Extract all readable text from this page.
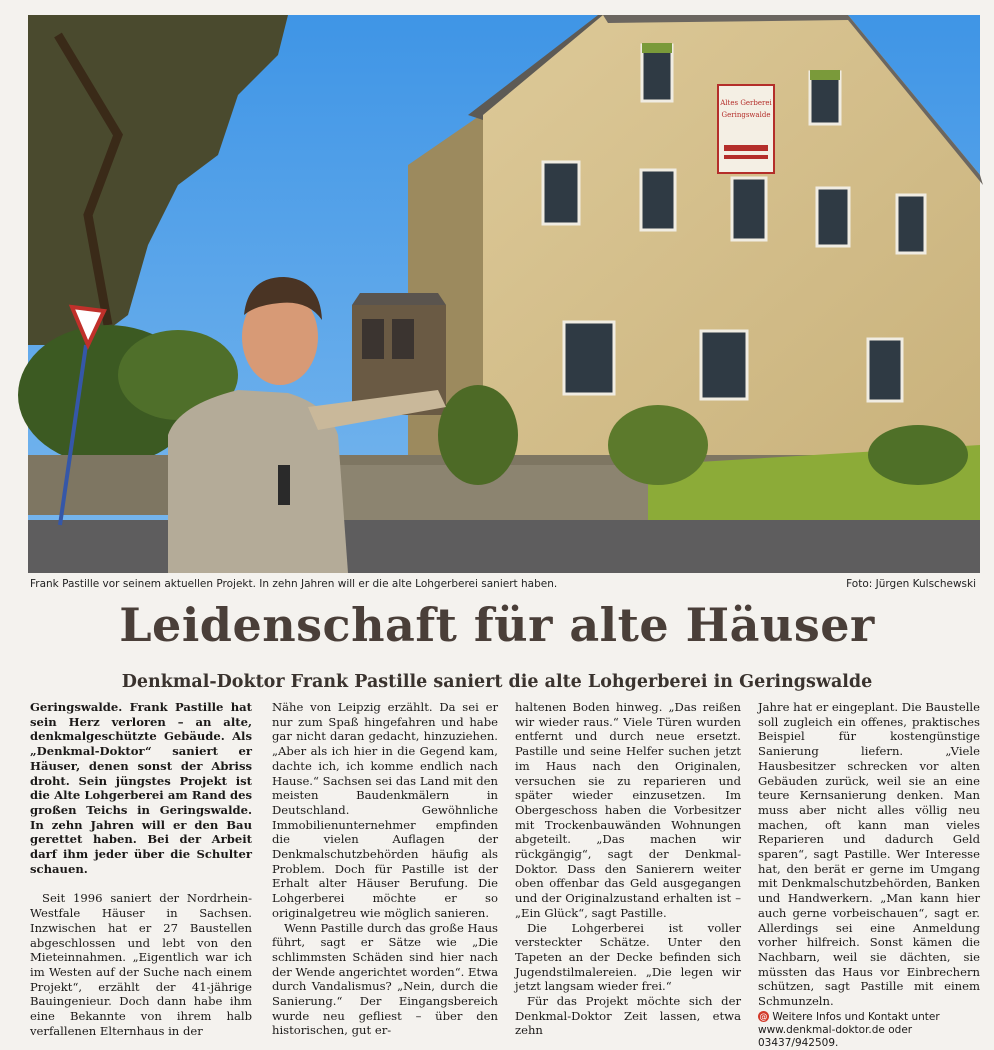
Altes Gerberei
Geringswalde
Frank Pastille vor seinem aktuellen Projekt. In zehn Jahren will er die alte Lohgerberei saniert haben.	Foto: Jürgen Kulschewski
Leidenschaft für alte Häuser
Denkmal-Doktor Frank Pastille saniert die alte Lohgerberei in Geringswalde

Geringswalde. Frank Pastille hat sein Herz verloren – an alte, denkmalgeschützte Gebäude. Als „Denkmal-Doktor“ saniert er Häuser, denen sonst der Abriss droht. Sein jüngstes Projekt ist die Alte Lohgerberei am Rand des großen Teichs in Geringswalde. In zehn Jahren will er den Bau gerettet haben. Bei der Arbeit darf ihm jeder über die Schulter schauen.

Seit 1996 saniert der Nordrhein-Westfale Häuser in Sachsen. Inzwischen hat er 27 Baustellen abgeschlossen und lebt von den Mieteinnahmen. „Eigentlich war ich im Westen auf der Suche nach einem Projekt“, erzählt der 41-jährige Bauingenieur. Doch dann habe ihm eine Bekannte von ihrem halb verfallenen Elternhaus in der

Nähe von Leipzig erzählt. Da sei er nur zum Spaß hingefahren und habe gar nicht daran gedacht, hinzuziehen. „Aber als ich hier in die Gegend kam, dachte ich, ich komme endlich nach Hause.“ Sachsen sei das Land mit den meisten Baudenkmälern in Deutschland. Gewöhnliche Immobilienunternehmer empfinden die vielen Auflagen der Denkmalschutzbehörden häufig als Problem. Doch für Pastille ist der Erhalt alter Häuser Berufung. Die Lohgerberei möchte er so originalgetreu wie möglich sanieren.

Wenn Pastille durch das große Haus führt, sagt er Sätze wie „Die schlimmsten Schäden sind hier nach der Wende angerichtet worden“. Etwa durch Vandalismus? „Nein, durch die Sanierung.“ Der Eingangsbereich wurde neu gefliest – über den historischen, gut er-

haltenen Boden hinweg. „Das reißen wir wieder raus.“ Viele Türen wurden entfernt und durch neue ersetzt. Pastille und seine Helfer suchen jetzt im Haus nach den Originalen, versuchen sie zu reparieren und später wieder einzusetzen. Im Obergeschoss haben die Vorbesitzer mit Trockenbauwänden Wohnungen abgeteilt. „Das machen wir rückgängig“, sagt der Denkmal-Doktor. Dass den Sanierern weiter oben offenbar das Geld ausgegangen und der Originalzustand erhalten ist – „Ein Glück“, sagt Pastille.

Die Lohgerberei ist voller versteckter Schätze. Unter den Tapeten an der Decke befinden sich Jugendstilmalereien. „Die legen wir jetzt langsam wieder frei.“

Für das Projekt möchte sich der Denkmal-Doktor Zeit lassen, etwa zehn

Jahre hat er eingeplant. Die Baustelle soll zugleich ein offenes, praktisches Beispiel für kostengünstige Sanierung liefern. „Viele Hausbesitzer schrecken vor alten Gebäuden zurück, weil sie an eine teure Kernsanierung denken. Man muss aber nicht alles völlig neu machen, oft kann man vieles Reparieren und dadurch Geld sparen“, sagt Pastille. Wer Interesse hat, den berät er gerne im Umgang mit Denkmalschutzbehörden, Banken und Handwerkern. „Man kann hier auch gerne vorbeischauen“, sagt er. Allerdings sei eine Anmeldung vorher hilfreich. Sonst kämen die Nachbarn, weil sie dächten, sie müssten das Haus vor Einbrechern schützen, sagt Pastille mit einem Schmunzeln.

@ Weitere Infos und Kontakt unter www.denkmal-doktor.de oder 03437/942509.
